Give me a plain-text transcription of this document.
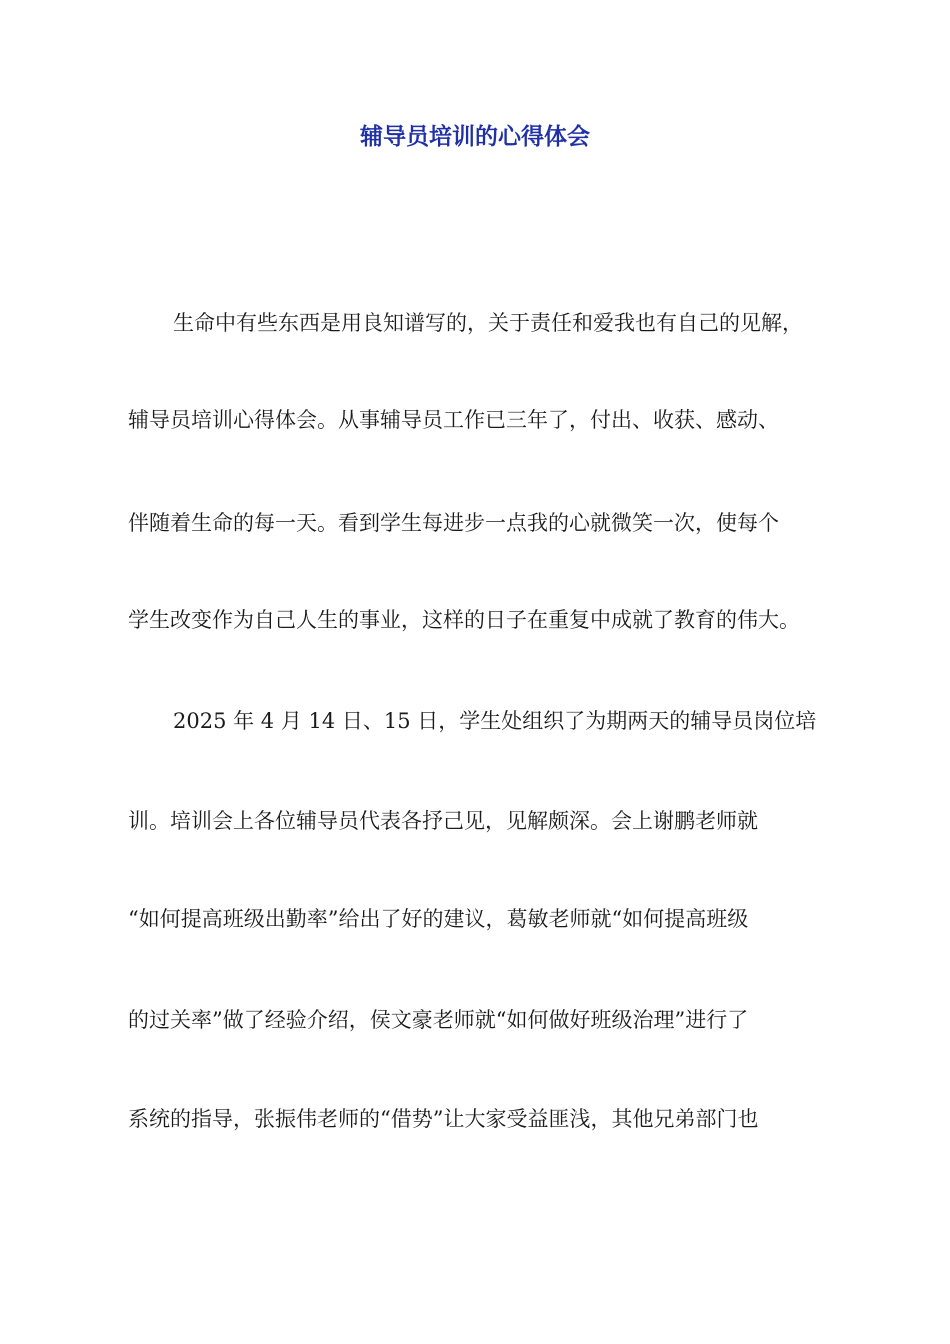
辅导员培训的心得体会

生命中有些东西是用良知谱写的，关于责任和爱我也有自己的见解，

辅导员培训心得体会。从事辅导员工作已三年了，付出、收获、感动、

伴随着生命的每一天。看到学生每进步一点我的心就微笑一次，使每个

学生改变作为自己人生的事业，这样的日子在重复中成就了教育的伟大。

2025 年 4 月 14 日、15 日，学生处组织了为期两天的辅导员岗位培

训。培训会上各位辅导员代表各抒己见，见解颇深。会上谢鹏老师就

“如何提高班级出勤率”给出了好的建议，葛敏老师就“如何提高班级

的过关率”做了经验介绍，侯文豪老师就“如何做好班级治理”进行了

系统的指导，张振伟老师的“借势”让大家受益匪浅，其他兄弟部门也
